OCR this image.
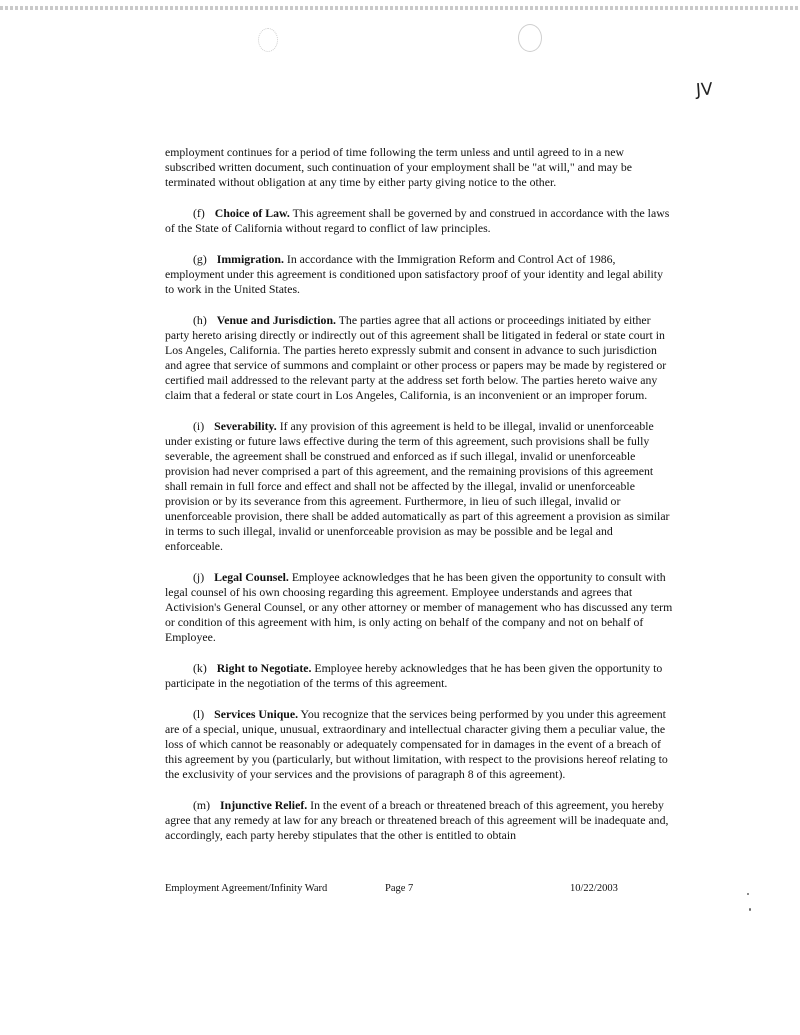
JV

employment continues for a period of time following the term unless and until agreed to in a new subscribed written document, such continuation of your employment shall be "at will," and may be terminated without obligation at any time by either party giving notice to the other.

(f) Choice of Law. This agreement shall be governed by and construed in accordance with the laws of the State of California without regard to conflict of law principles.

(g) Immigration. In accordance with the Immigration Reform and Control Act of 1986, employment under this agreement is conditioned upon satisfactory proof of your identity and legal ability to work in the United States.

(h) Venue and Jurisdiction. The parties agree that all actions or proceedings initiated by either party hereto arising directly or indirectly out of this agreement shall be litigated in federal or state court in Los Angeles, California. The parties hereto expressly submit and consent in advance to such jurisdiction and agree that service of summons and complaint or other process or papers may be made by registered or certified mail addressed to the relevant party at the address set forth below. The parties hereto waive any claim that a federal or state court in Los Angeles, California, is an inconvenient or an improper forum.

(i) Severability. If any provision of this agreement is held to be illegal, invalid or unenforceable under existing or future laws effective during the term of this agreement, such provisions shall be fully severable, the agreement shall be construed and enforced as if such illegal, invalid or unenforceable provision had never comprised a part of this agreement, and the remaining provisions of this agreement shall remain in full force and effect and shall not be affected by the illegal, invalid or unenforceable provision or by its severance from this agreement. Furthermore, in lieu of such illegal, invalid or unenforceable provision, there shall be added automatically as part of this agreement a provision as similar in terms to such illegal, invalid or unenforceable provision as may be possible and be legal and enforceable.

(j) Legal Counsel. Employee acknowledges that he has been given the opportunity to consult with legal counsel of his own choosing regarding this agreement. Employee understands and agrees that Activision's General Counsel, or any other attorney or member of management who has discussed any term or condition of this agreement with him, is only acting on behalf of the company and not on behalf of Employee.

(k) Right to Negotiate. Employee hereby acknowledges that he has been given the opportunity to participate in the negotiation of the terms of this agreement.

(l) Services Unique. You recognize that the services being performed by you under this agreement are of a special, unique, unusual, extraordinary and intellectual character giving them a peculiar value, the loss of which cannot be reasonably or adequately compensated for in damages in the event of a breach of this agreement by you (particularly, but without limitation, with respect to the provisions hereof relating to the exclusivity of your services and the provisions of paragraph 8 of this agreement).

(m) Injunctive Relief. In the event of a breach or threatened breach of this agreement, you hereby agree that any remedy at law for any breach or threatened breach of this agreement will be inadequate and, accordingly, each party hereby stipulates that the other is entitled to obtain

Employment Agreement/Infinity Ward	Page 7	10/22/2003
